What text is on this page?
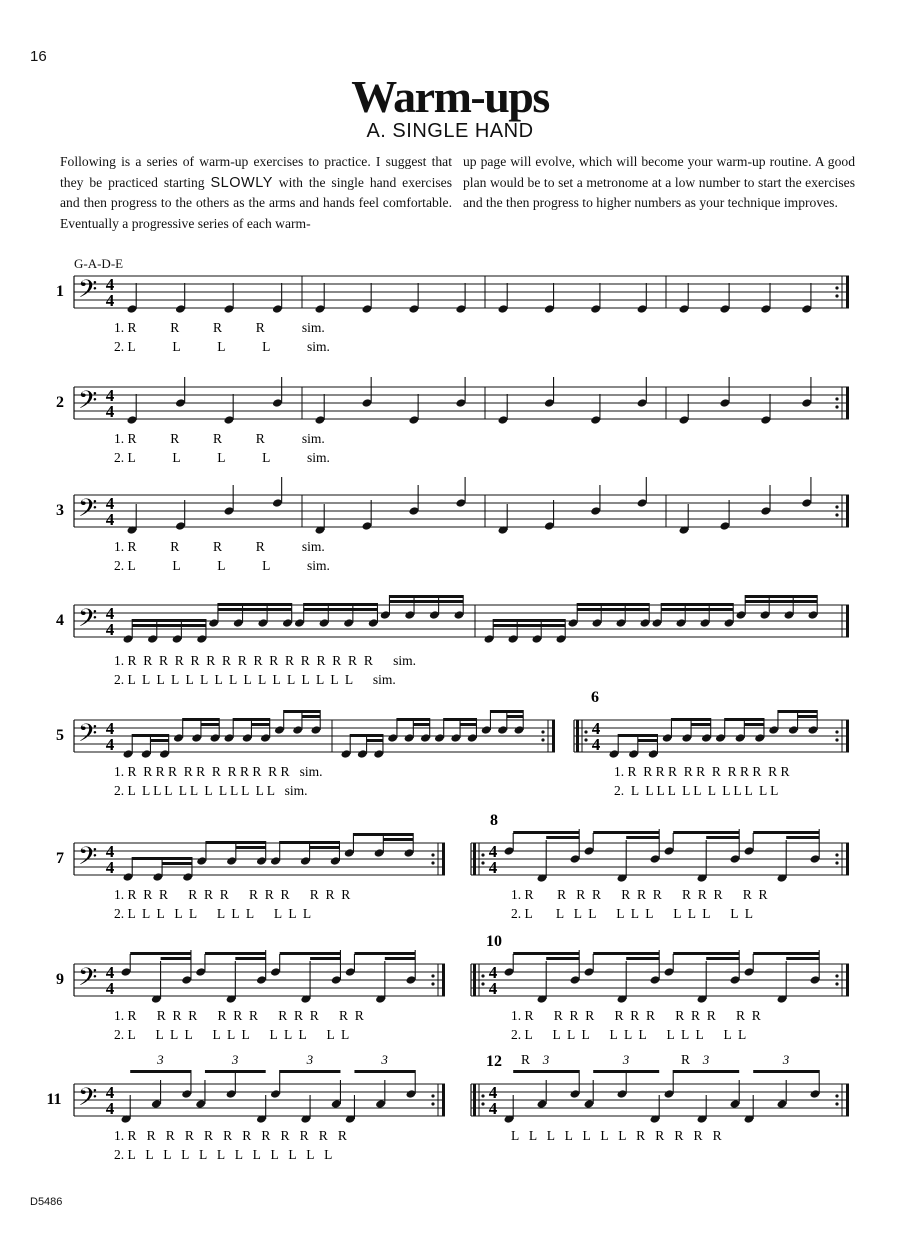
16
Warm-ups
A. SINGLE HAND
Following is a series of warm-up exercises to practice. I suggest that they be practiced starting SLOWLY with the single hand exercises and then progress to the others as the arms and hands feel comfortable. Eventually a progressive series of each warm-
up page will evolve, which will become your warm-up routine. A good plan would be to set a metronome at a low number to start the exercises and the then progress to higher numbers as your technique improves.
G-A-D-E
1 𝄢 4
4
1. R          R          R          R           sim.
2. L           L           L           L           sim.
2 𝄢 4
4
1. R          R          R          R           sim.
2. L           L           L           L           sim.
3 𝄢 4
4
1. R          R          R          R           sim.
2. L           L           L           L           sim.
4 𝄢 4
4
1. R  R  R  R  R  R  R  R  R  R  R  R  R  R  R  R      sim.
2. L  L  L  L  L  L  L  L  L  L  L  L  L  L  L  L      sim.
5 𝄢 4
4
1. R  R R R  R R  R  R R R  R R   sim.
2. L  L L L  L L  L  L L L  L L   sim.
6
4
4
1. R  R R R  R R  R  R R R  R R
2.  L  L L L  L L  L  L L L  L L
7 𝄢 4
4
1. R  R  R      R  R  R      R  R  R      R  R  R
2. L  L  L   L  L      L  L  L      L  L  L
8
4
4
1. R       R   R  R      R  R  R      R  R  R      R  R
2. L       L   L  L      L  L  L      L  L  L      L  L
9 𝄢 4
4
1. R      R  R  R      R  R  R      R  R  R      R  R
2. L      L  L  L      L  L  L      L  L  L      L  L
10
4
4
1. R      R  R  R      R  R  R      R  R  R      R  R
2. L      L  L  L      L  L  L      L  L  L      L  L
11 𝄢 4
4
3	3	3	3
1. R   R   R   R   R   R   R   R   R   R   R   R
2. L   L   L   L   L   L   L   L   L   L   L   L
12
4
4
3	3	3	3
L   L   L   L   L   L   L   R   R   R   R   R
R	R
D5486
